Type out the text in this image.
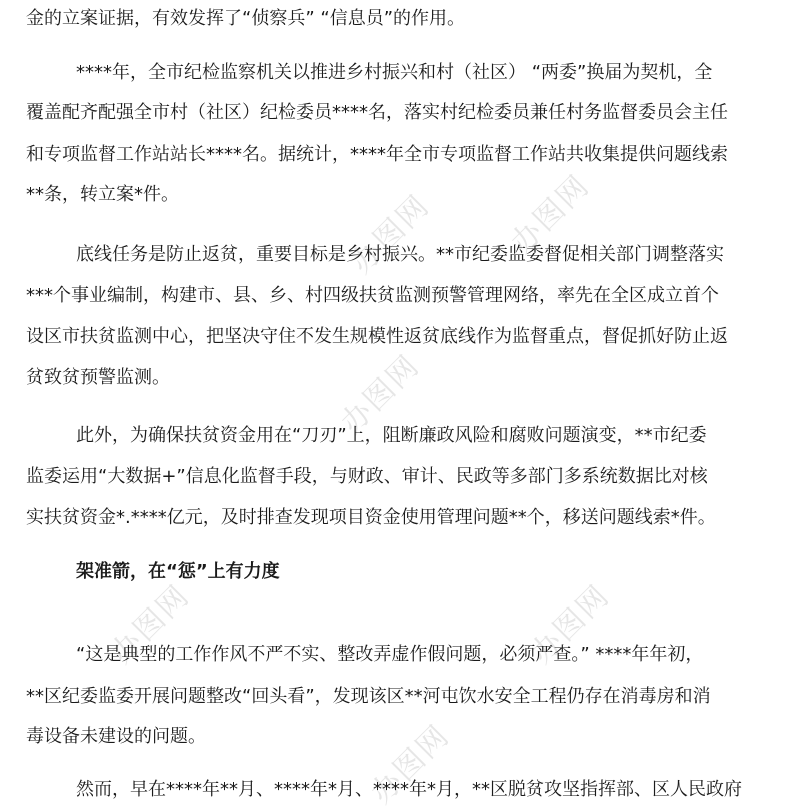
办图网 办图网
办图网
办图网	办图网
办图网

金的立案证据，有效发挥了“侦察兵” “信息员”的作用。

****年，全市纪检监察机关以推进乡村振兴和村（社区） “两委”换届为契机，全

覆盖配齐配强全市村（社区）纪检委员****名，落实村纪检委员兼任村务监督委员会主任

和专项监督工作站站长****名。据统计，****年全市专项监督工作站共收集提供问题线索

**条，转立案*件。

底线任务是防止返贫，重要目标是乡村振兴。**市纪委监委督促相关部门调整落实

***个事业编制，构建市、县、乡、村四级扶贫监测预警管理网络，率先在全区成立首个

设区市扶贫监测中心，把坚决守住不发生规模性返贫底线作为监督重点，督促抓好防止返

贫致贫预警监测。

此外，为确保扶贫资金用在“刀刃”上，阻断廉政风险和腐败问题演变，**市纪委

监委运用“大数据+”信息化监督手段，与财政、审计、民政等多部门多系统数据比对核

实扶贫资金*.****亿元，及时排查发现项目资金使用管理问题**个，移送问题线索*件。

架准箭，在“惩”上有力度

“这是典型的工作作风不严不实、整改弄虚作假问题，必须严查。” ****年年初，

**区纪委监委开展问题整改“回头看”，发现该区**河屯饮水安全工程仍存在消毒房和消

毒设备未建设的问题。

然而，早在****年**月、****年*月、****年*月，**区脱贫攻坚指挥部、区人民政府
